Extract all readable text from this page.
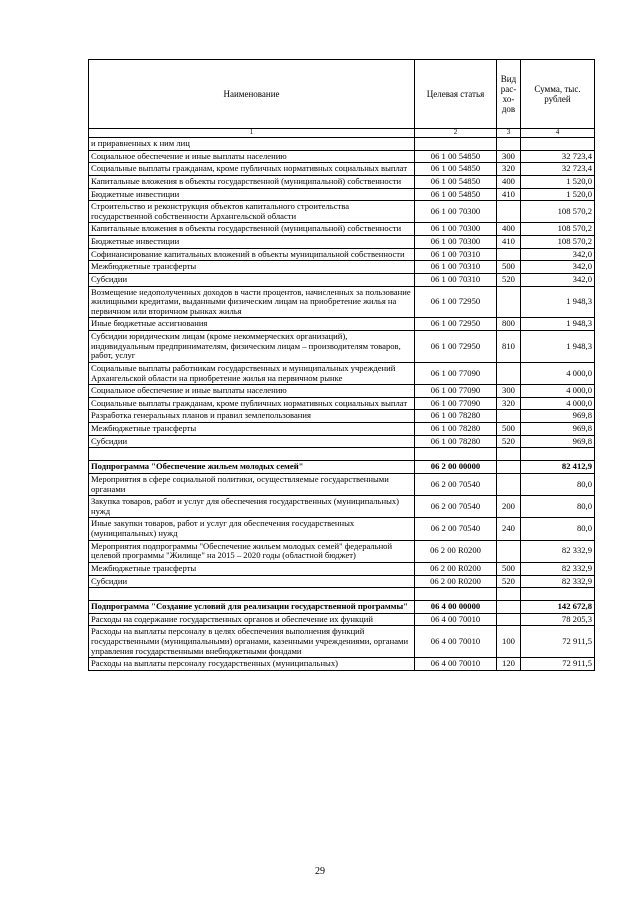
Наименование	Целевая статья	Вид рас-хо-дов	Сумма, тыс. рублей
1	2	3	4
и приравненных к ним лиц			
Социальное обеспечение и иные выплаты населению	06 1 00 54850	300	32 723,4
Социальные выплаты гражданам, кроме публичных нормативных социальных выплат	06 1 00 54850	320	32 723,4
Капитальные вложения в объекты государственной (муниципальной) собственности	06 1 00 54850	400	1 520,0
Бюджетные инвестиции	06 1 00 54850	410	1 520,0
Строительство и реконструкция объектов капитального строительства государственной собственности Архангельской области	06 1 00 70300		108 570,2
Капитальные вложения в объекты государственной (муниципальной) собственности	06 1 00 70300	400	108 570,2
Бюджетные инвестиции	06 1 00 70300	410	108 570,2
Софинансирование капитальных вложений в объекты муниципальной собственности	06 1 00 70310		342,0
Межбюджетные трансферты	06 1 00 70310	500	342,0
Субсидии	06 1 00 70310	520	342,0
Возмещение недополученных доходов в части процентов, начисленных за пользование жилищными кредитами, выданными физическим лицам на приобретение жилья на первичном или вторичном рынках жилья	06 1 00 72950		1 948,3
Иные бюджетные ассигнования	06 1 00 72950	800	1 948,3
Субсидии юридическим лицам (кроме некоммерческих организаций), индивидуальным предпринимателям, физическим лицам – производителям товаров, работ, услуг	06 1 00 72950	810	1 948,3
Социальные выплаты работникам государственных и муниципальных учреждений Архангельской области на приобретение жилья на первичном рынке	06 1 00 77090		4 000,0
Социальное обеспечение и иные выплаты населению	06 1 00 77090	300	4 000,0
Социальные выплаты гражданам, кроме публичных нормативных социальных выплат	06 1 00 77090	320	4 000,0
Разработка генеральных планов и правил землепользования	06 1 00 78280		969,8
Межбюджетные трансферты	06 1 00 78280	500	969,8
Субсидии	06 1 00 78280	520	969,8

Подпрограмма "Обеспечение жильем молодых семей"	06 2 00 00000		82 412,9
Мероприятия в сфере социальной политики, осуществляемые государственными органами	06 2 00 70540		80,0
Закупка товаров, работ и услуг для обеспечения государственных (муниципальных) нужд	06 2 00 70540	200	80,0
Иные закупки товаров, работ и услуг для обеспечения государственных (муниципальных) нужд	06 2 00 70540	240	80,0
Мероприятия подпрограммы "Обеспечение жильем молодых семей" федеральной целевой программы "Жилище" на 2015 – 2020 годы (областной бюджет)	06 2 00 R0200		82 332,9
Межбюджетные трансферты	06 2 00 R0200	500	82 332,9
Субсидии	06 2 00 R0200	520	82 332,9

Подпрограмма "Создание условий для реализации государственной программы"	06 4 00 00000		142 672,8
Расходы на содержание государственных органов и обеспечение их функций	06 4 00 70010		78 205,3
Расходы на выплаты персоналу в целях обеспечения выполнения функций государственными (муниципальными) органами, казенными учреждениями, органами управления государственными внебюджетными фондами	06 4 00 70010	100	72 911,5
Расходы на выплаты персоналу государственных (муниципальных)	06 4 00 70010	120	72 911,5
29
